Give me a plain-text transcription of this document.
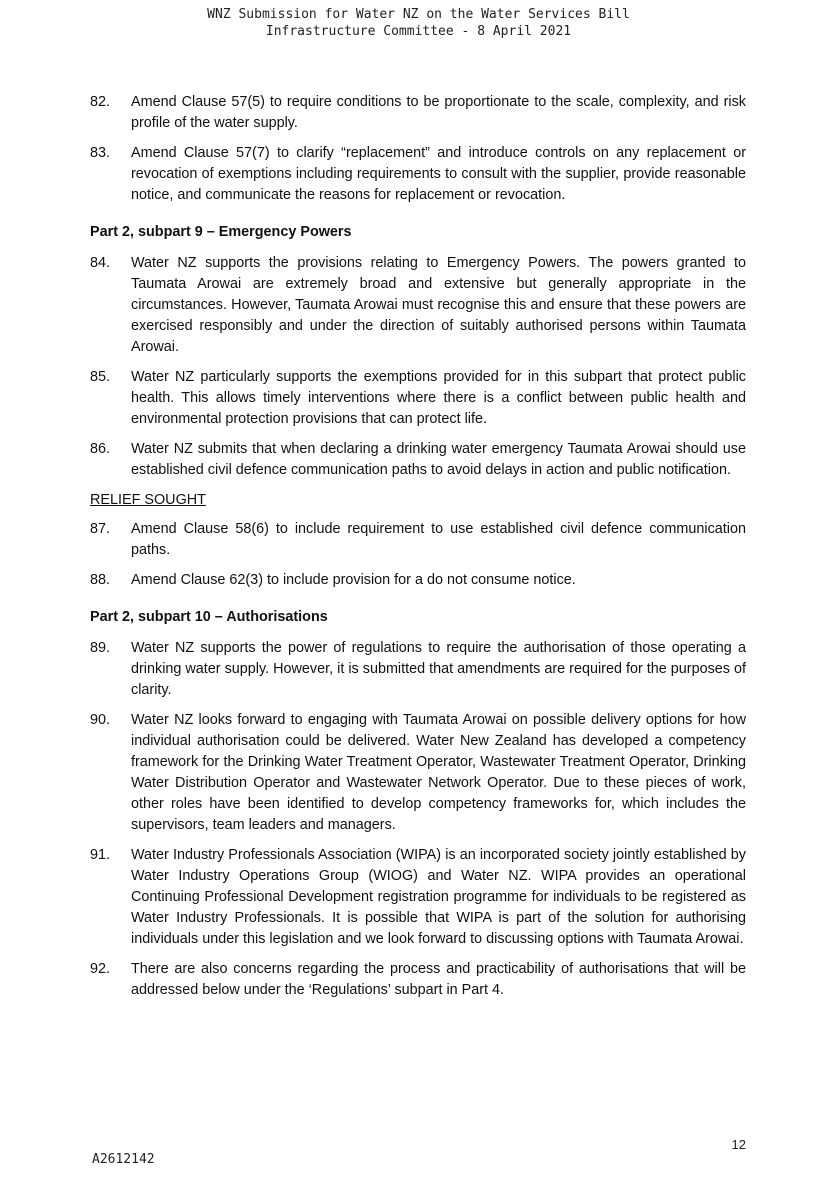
WNZ Submission for Water NZ on the Water Services Bill
Infrastructure Committee - 8 April 2021
82.	Amend Clause 57(5) to require conditions to be proportionate to the scale, complexity, and risk profile of the water supply.
83.	Amend Clause 57(7) to clarify “replacement” and introduce controls on any replacement or revocation of exemptions including requirements to consult with the supplier, provide reasonable notice, and communicate the reasons for replacement or revocation.
Part 2, subpart 9 – Emergency Powers
84.	Water NZ supports the provisions relating to Emergency Powers. The powers granted to Taumata Arowai are extremely broad and extensive but generally appropriate in the circumstances. However, Taumata Arowai must recognise this and ensure that these powers are exercised responsibly and under the direction of suitably authorised persons within Taumata Arowai.
85.	Water NZ particularly supports the exemptions provided for in this subpart that protect public health. This allows timely interventions where there is a conflict between public health and environmental protection provisions that can protect life.
86.	Water NZ submits that when declaring a drinking water emergency Taumata Arowai should use established civil defence communication paths to avoid delays in action and public notification.
RELIEF SOUGHT
87.	Amend Clause 58(6) to include requirement to use established civil defence communication paths.
88.	Amend Clause 62(3) to include provision for a do not consume notice.
Part 2, subpart 10 – Authorisations
89.	Water NZ supports the power of regulations to require the authorisation of those operating a drinking water supply. However, it is submitted that amendments are required for the purposes of clarity.
90.	Water NZ looks forward to engaging with Taumata Arowai on possible delivery options for how individual authorisation could be delivered. Water New Zealand has developed a competency framework for the Drinking Water Treatment Operator, Wastewater Treatment Operator, Drinking Water Distribution Operator and Wastewater Network Operator. Due to these pieces of work, other roles have been identified to develop competency frameworks for, which includes the supervisors, team leaders and managers.
91.	Water Industry Professionals Association (WIPA) is an incorporated society jointly established by Water Industry Operations Group (WIOG) and Water NZ. WIPA provides an operational Continuing Professional Development registration programme for individuals to be registered as Water Industry Professionals. It is possible that WIPA is part of the solution for authorising individuals under this legislation and we look forward to discussing options with Taumata Arowai.
92.	There are also concerns regarding the process and practicability of authorisations that will be addressed below under the ‘Regulations’ subpart in Part 4.
12
A2612142
